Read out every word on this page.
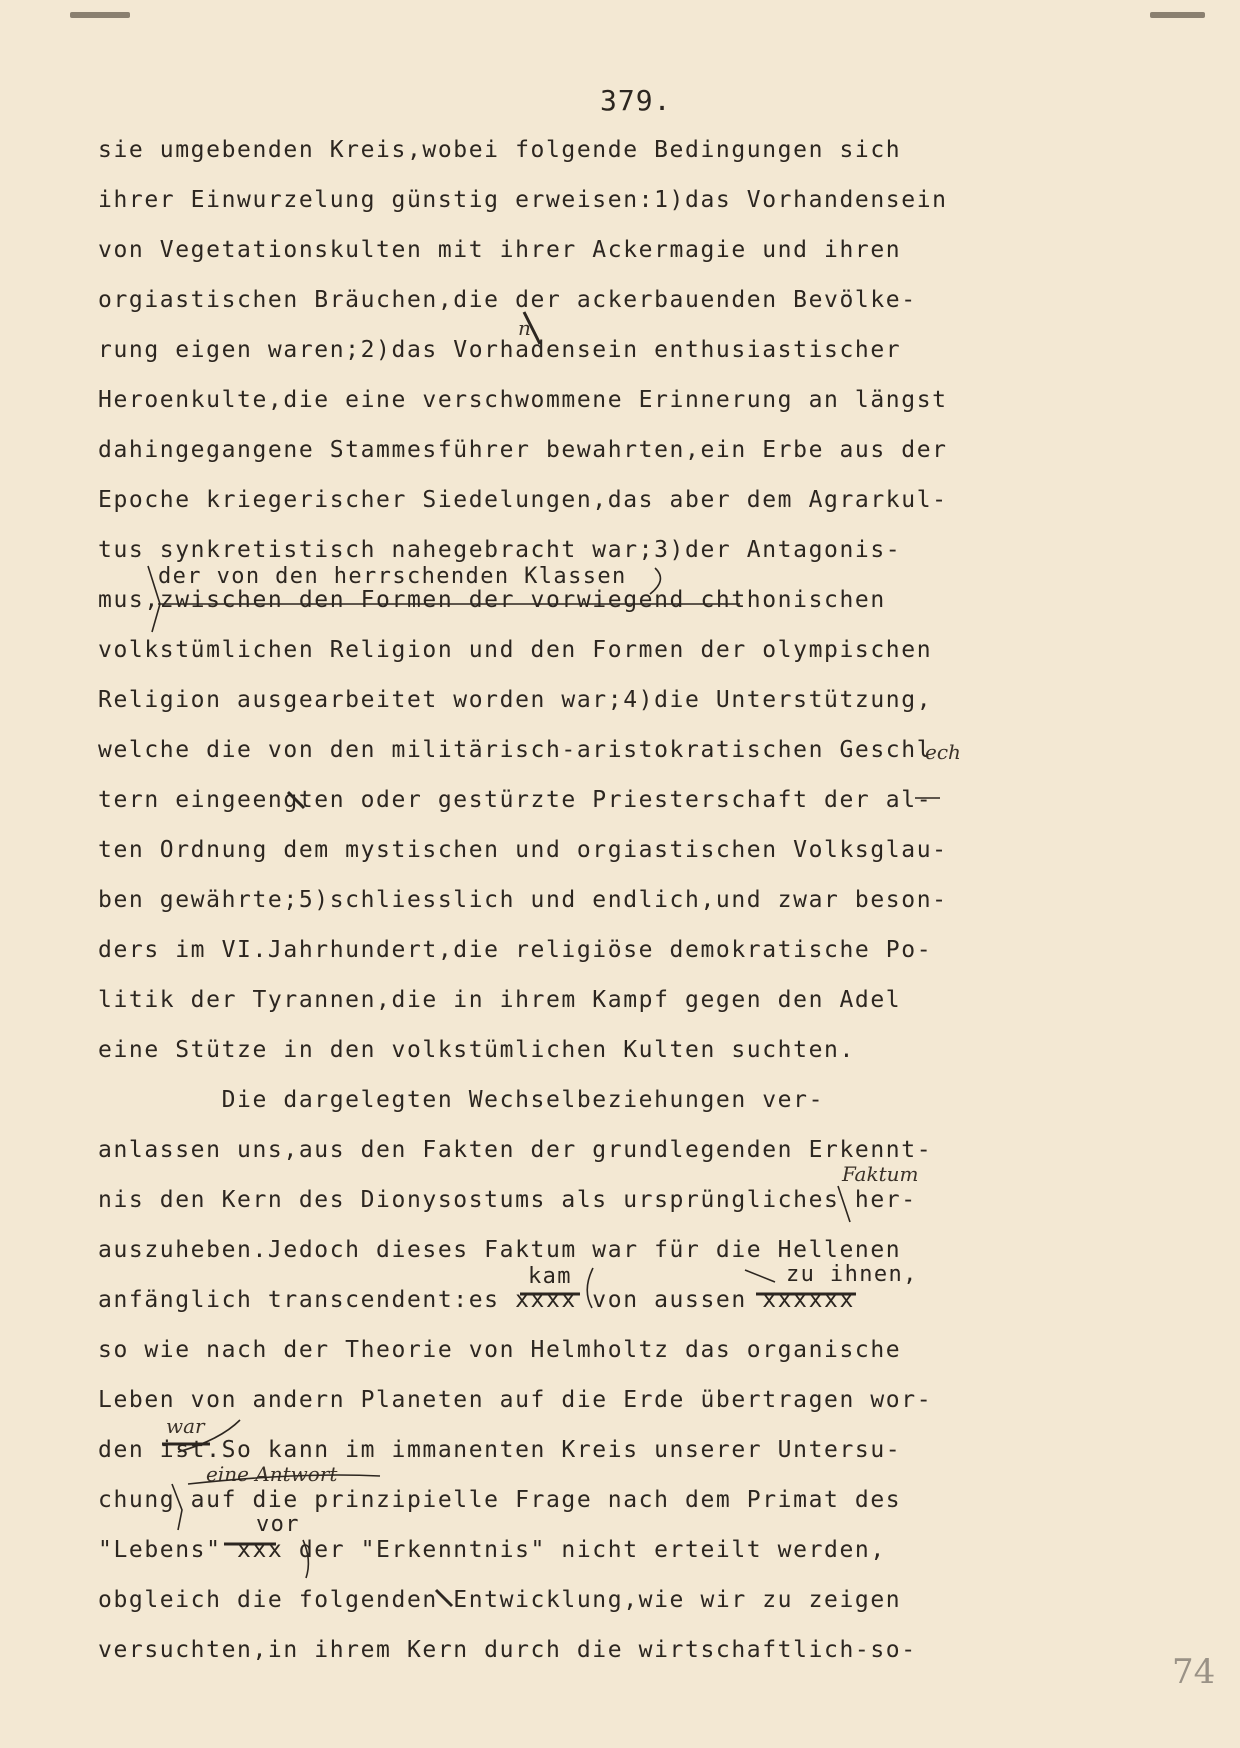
379.
sie umgebenden Kreis,wobei folgende Bedingungen sich
ihrer Einwurzelung günstig erweisen:1)das Vorhandensein
von Vegetationskulten mit ihrer Ackermagie und ihren
orgiastischen Bräuchen,die der ackerbauenden Bevölke-
rung eigen waren;2)das Vorhadensein enthusiastischer
Heroenkulte,die eine verschwommene Erinnerung an längst
dahingegangene Stammesführer bewahrten,ein Erbe aus der
Epoche kriegerischer Siedelungen,das aber dem Agrarkul-
tus synkretistisch nahegebracht war;3)der Antagonis-
mus,zwischen den Formen der vorwiegend chthonischen
volkstümlichen Religion und den Formen der olympischen
Religion ausgearbeitet worden war;4)die Unterstützung,
welche die von den militärisch-aristokratischen Geschl
tern eingeengten oder gestürzte Priesterschaft der al-
ten Ordnung dem mystischen und orgiastischen Volksglau-
ben gewährte;5)schliesslich und endlich,und zwar beson-
ders im VI.Jahrhundert,die religiöse demokratische Po-
litik der Tyrannen,die in ihrem Kampf gegen den Adel
eine Stütze in den volkstümlichen Kulten suchten.
Die dargelegten Wechselbeziehungen ver-
anlassen uns,aus den Fakten der grundlegenden Erkennt-
nis den Kern des Dionysostums als ursprüngliches her-
auszuheben.Jedoch dieses Faktum war für die Hellenen
anfänglich transcendent:es xxxx von aussen xxxxxx
so wie nach der Theorie von Helmholtz das organische
Leben von andern Planeten auf die Erde übertragen wor-
den ist.So kann im immanenten Kreis unserer Untersu-
chung auf die prinzipielle Frage nach dem Primat des
"Lebens" xxx der "Erkenntnis" nicht erteilt werden,
obgleich die folgenden Entwicklung,wie wir zu zeigen
versuchten,in ihrem Kern durch die wirtschaftlich-so-
der von den herrschenden Klassen
kam	zu ihnen,
vor
n
ech
Faktum
war
eine Antwort
74
